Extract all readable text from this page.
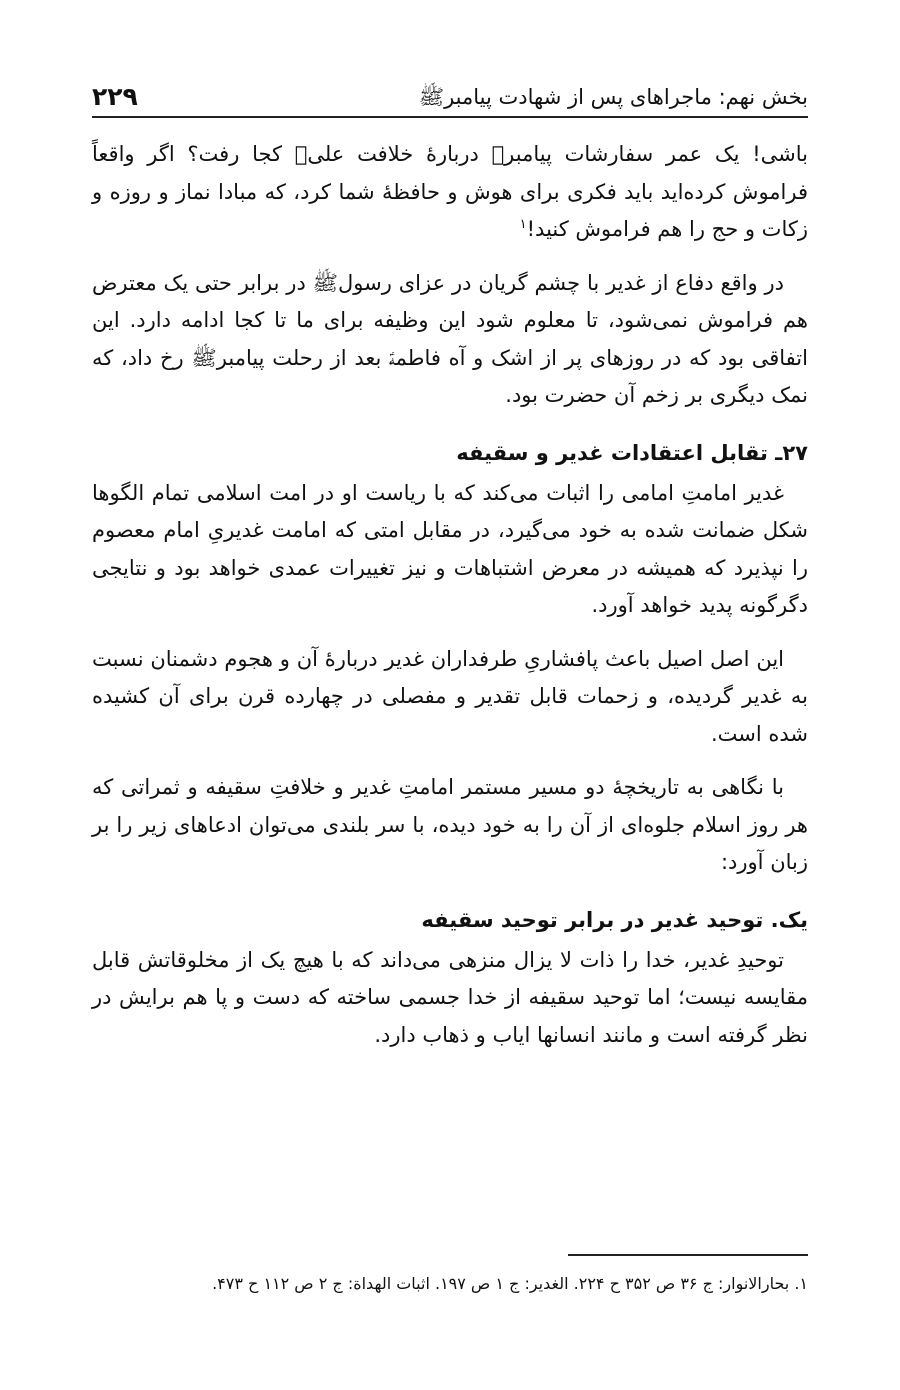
بخش نهم: ماجراهای پس از شهادت پیامبرﷺ
۲۲۹

باشی! یک عمر سفارشات پیامبرﷺ دربارهٔ خلافت علیؑ کجا رفت؟ اگر واقعاً فراموش کرده‌اید باید فکری برای هوش و حافظهٔ شما کرد، که مبادا نماز و روزه و زکات و حج را هم فراموش کنید!$^۱$

در واقع دفاع از غدیر با چشم گریان در عزای رسولﷺ در برابر حتی یک معترض هم فراموش نمی‌شود، تا معلوم شود این وظیفه برای ما تا کجا ادامه دارد. این اتفاقی بود که در روزهای پر از اشک و آه فاطمهؑ بعد از رحلت پیامبرﷺ رخ داد، که نمک دیگری بر زخم آن حضرت بود.

۲۷ـ تقابل اعتقادات غدیر و سقیفه

غدیر امامتِ امامی را اثبات می‌کند که با ریاست او در امت اسلامی تمام الگوها شکل ضمانت شده به خود می‌گیرد، در مقابل امتی که امامت غدیریِ امام معصوم را نپذیرد که همیشه در معرض اشتباهات و نیز تغییرات عمدی خواهد بود و نتایجی دگرگونه پدید خواهد آورد.

این اصل اصیل باعث پافشاریِ طرفداران غدیر دربارهٔ آن و هجوم دشمنان نسبت به غدیر گردیده، و زحمات قابل تقدیر و مفصلی در چهارده قرن برای آن کشیده شده است.

با نگاهی به تاریخچهٔ دو مسیر مستمر امامتِ غدیر و خلافتِ سقیفه و ثمراتی که هر روز اسلام جلوه‌ای از آن را به خود دیده، با سر بلندی می‌توان ادعاهای زیر را بر زبان آورد:

یک. توحید غدیر در برابر توحید سقیفه

توحیدِ غدیر، خدا را ذات لا یزال منزهی می‌داند که با هیچ یک از مخلوقاتش قابل مقایسه نیست؛ اما توحید سقیفه از خدا جسمی ساخته که دست و پا هم برایش در نظر گرفته است و مانند انسانها ایاب و ذهاب دارد.

۱. بحارالانوار: ج ۳۶ ص ۳۵۲ ح ۲۲۴. الغدیر: ج ۱ ص ۱۹۷. اثبات الهداة: ج ۲ ص ۱۱۲ ح ۴۷۳.
